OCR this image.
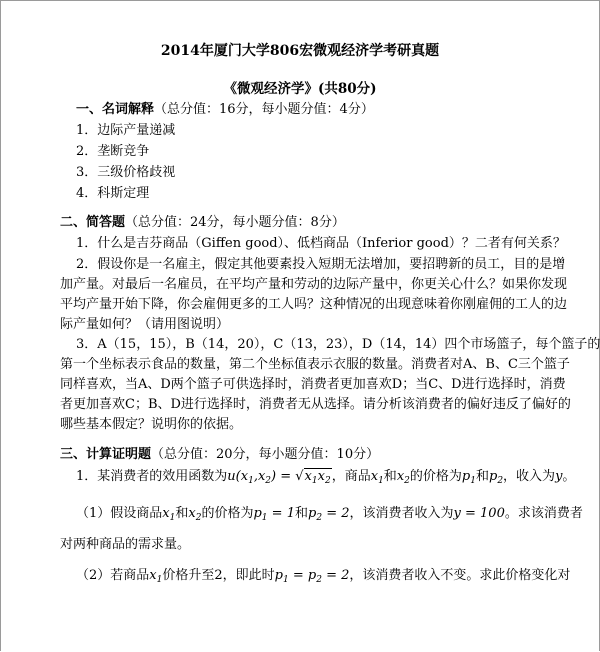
2014年厦门大学806宏微观经济学考研真题
《微观经济学》(共80分)
一、名词解释（总分值：16分，每小题分值：4分）
1．边际产量递减
2．垄断竞争
3．三级价格歧视
4．科斯定理
二、简答题（总分值：24分，每小题分值：8分）
1．什么是吉芬商品（Giffen good）、低档商品（Inferior good）？二者有何关系？
2．假设你是一名雇主，假定其他要素投入短期无法增加，要招聘新的员工，目的是增
加产量。对最后一名雇员，在平均产量和劳动的边际产量中，你更关心什么？如果你发现
平均产量开始下降，你会雇佣更多的工人吗？这种情况的出现意味着你刚雇佣的工人的边
际产量如何？（请用图说明）
3．A（15，15），B（14，20），C（13，23），D（14，14）四个市场篮子，每个篮子的
第一个坐标表示食品的数量，第二个坐标值表示衣服的数量。消费者对A、B、C三个篮子
同样喜欢，当A、D两个篮子可供选择时，消费者更加喜欢D；当C、D进行选择时，消费
者更加喜欢C；B、D进行选择时，消费者无从选择。请分析该消费者的偏好违反了偏好的
哪些基本假定？说明你的依据。
三、计算证明题（总分值：20分，每小题分值：10分）
1．某消费者的效用函数为$u(x_1,x_2) = √x_1x_2$，商品$x_1$和$x_2$的价格为$p_1$和$p_2$，收入为y。
（1）假设商品$x_1$和$x_2$的价格为$p_1 = 1$和$p_2 = 2$，该消费者收入为y = 100。求该消费者
对两种商品的需求量。
（2）若商品$x_1$价格升至2，即此时$p_1 = p_2 = 2$，该消费者收入不变。求此价格变化对
